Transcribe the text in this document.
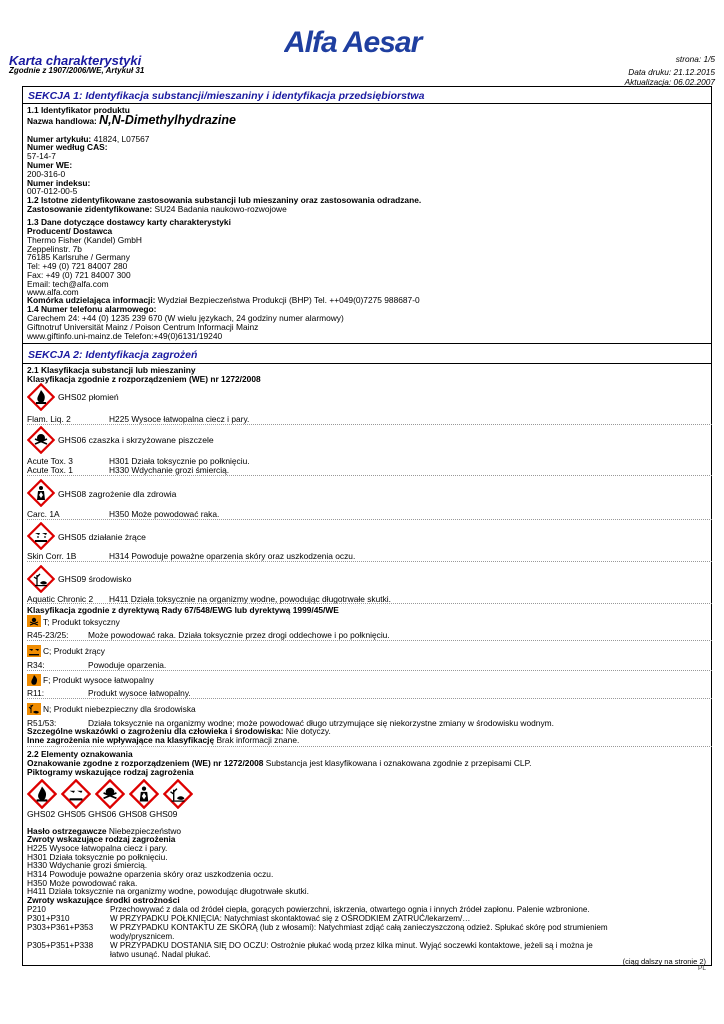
Alfa Aesar
Karta charakterystyki
Zgodnie z 1907/2006/WE, Artykuł 31
strona: 1/5
Data druku: 21.12.2015
Aktualizacja: 06.02.2007
SEKCJA 1: Identyfikacja substancji/mieszaniny i identyfikacja przedsiębiorstwa
1.1 Identyfikator produktu
Nazwa handlowa: N,N-Dimethylhydrazine
Numer artykułu: 41824, L07567
Numer według CAS:
57-14-7
Numer WE:
200-316-0
Numer indeksu:
007-012-00-5
1.2 Istotne zidentyfikowane zastosowania substancji lub mieszaniny oraz zastosowania odradzane.
Zastosowanie zidentyfikowane: SU24 Badania naukowo-rozwojowe
1.3 Dane dotyczące dostawcy karty charakterystyki
Producent/ Dostawca
Thermo Fisher (Kandel) GmbH
Zeppelinstr. 7b
76185 Karlsruhe / Germany
Tel: +49 (0) 721 84007 280
Fax: +49 (0) 721 84007 300
Email: tech@alfa.com
www.alfa.com
Komórka udzielająca informacji: Wydział Bezpieczeństwa Produkcji (BHP) Tel. ++049(0)7275 988687-0
1.4 Numer telefonu alarmowego:
Carechem 24: +44 (0) 1235 239 670 (W wielu językach, 24 godziny numer alarmowy)
Giftnotruf Universität Mainz / Poison Centrum Informacji Mainz
www.giftinfo.uni-mainz.de Telefon:+49(0)6131/19240
SEKCJA 2: Identyfikacja zagrożeń
2.1 Klasyfikacja substancji lub mieszaniny
Klasyfikacja zgodnie z rozporządzeniem (WE) nr 1272/2008
GHS02 płomień
Flam. Liq. 2	H225 Wysoce łatwopalna ciecz i pary.
GHS06 czaszka i skrzyżowane piszczele
Acute Tox. 3	H301 Działa toksycznie po połknięciu.
Acute Tox. 1	H330 Wdychanie grozi śmiercią.
GHS08 zagrożenie dla zdrowia
Carc. 1A	H350 Może powodować raka.
GHS05 działanie żrące
Skin Corr. 1B	H314 Powoduje poważne oparzenia skóry oraz uszkodzenia oczu.
GHS09 środowisko
Aquatic Chronic 2 H411 Działa toksycznie na organizmy wodne, powodując długotrwałe skutki.
Klasyfikacja zgodnie z dyrektywą Rady 67/548/EWG lub dyrektywą 1999/45/WE
T; Produkt toksyczny
R45-23/25: Może powodować raka. Działa toksycznie przez drogi oddechowe i po połknięciu.
C; Produkt żrący
R34:	Powoduje oparzenia.
F; Produkt wysoce łatwopalny
R11:	Produkt wysoce łatwopalny.
N; Produkt niebezpieczny dla środowiska
R51/53:	Działa toksycznie na organizmy wodne; może powodować długo utrzymujące się niekorzystne zmiany w środowisku wodnym.
Szczególne wskazówki o zagrożeniu dla człowieka i środowiska: Nie dotyczy.
Inne zagrożenia nie wpływające na klasyfikację Brak informacji znane.
2.2 Elementy oznakowania
Oznakowanie zgodne z rozporządzeniem (WE) nr 1272/2008 Substancja jest klasyfikowana i oznakowana zgodnie z przepisami CLP.
Piktogramy wskazujące rodzaj zagrożenia
GHS02 GHS05 GHS06 GHS08 GHS09
Hasło ostrzegawcze Niebezpieczeństwo
Zwroty wskazujące rodzaj zagrożenia
H225 Wysoce łatwopalna ciecz i pary.
H301 Działa toksycznie po połknięciu.
H330 Wdychanie grozi śmiercią.
H314 Powoduje poważne oparzenia skóry oraz uszkodzenia oczu.
H350 Może powodować raka.
H411 Działa toksycznie na organizmy wodne, powodując długotrwałe skutki.
Zwroty wskazujące środki ostrożności
P210	Przechowywać z dala od źródeł ciepła, gorących powierzchni, iskrzenia, otwartego ognia i innych źródeł zapłonu. Palenie wzbronione.
P301+P310	W PRZYPADKU POŁKNIĘCIA: Natychmiast skontaktować się z OŚRODKIEM ZATRUĆ/lekarzem/…
P303+P361+P353 W PRZYPADKU KONTAKTU ZE SKÓRĄ (lub z włosami): Natychmiast zdjąć całą zanieczyszczoną odzież. Spłukać skórę pod strumieniem
wody/prysznicem.
P305+P351+P338 W PRZYPADKU DOSTANIA SIĘ DO OCZU: Ostrożnie płukać wodą przez kilka minut. Wyjąć soczewki kontaktowe, jeżeli są i można je
łatwo usunąć. Nadal płukać.
(ciąg dalszy na stronie 2)
PL
